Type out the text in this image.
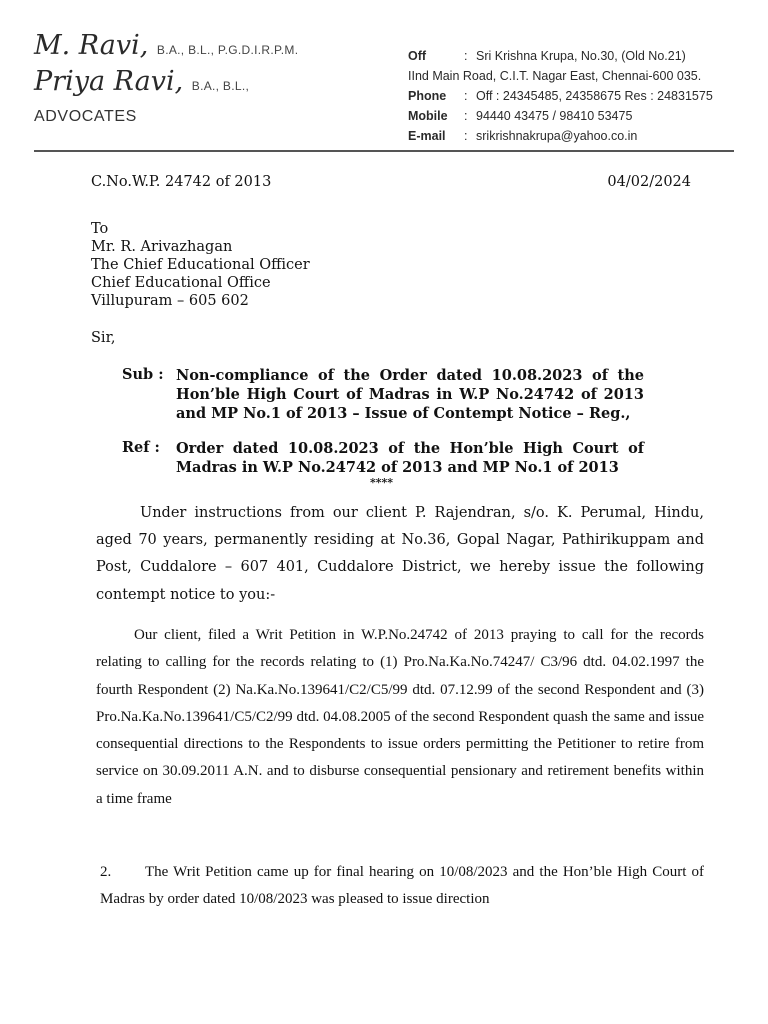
M. Ravi, B.A., B.L., P.G.D.I.R.P.M.
Priya Ravi, B.A., B.L.,
ADVOCATES
Off	: Sri Krishna Krupa, No.30, (Old No.21)
IInd Main Road, C.I.T. Nagar East, Chennai-600 035.
Phone	: Off : 24345485, 24358675 Res : 24831575
Mobile	: 94440 43475 / 98410 53475
E-mail	: srikrishnakrupa@yahoo.co.in
C.No.W.P. 24742 of 2013	04/02/2024
To
Mr. R. Arivazhagan
The Chief Educational Officer
Chief Educational Office
Villupuram – 605 602
Sir,
Sub : Non-compliance of the Order dated 10.08.2023 of the Hon’ble High Court of Madras in W.P No.24742 of 2013 and MP No.1 of 2013 – Issue of Contempt Notice – Reg.,
Ref :	Order dated 10.08.2023 of the Hon’ble High Court of Madras in W.P No.24742 of 2013 and MP No.1 of 2013
****
Under instructions from our client P. Rajendran, s/o. K. Perumal, Hindu, aged 70 years, permanently residing at No.36, Gopal Nagar, Pathirikuppam and Post, Cuddalore – 607 401, Cuddalore District, we hereby issue the following contempt notice to you:-
Our client, filed a Writ Petition in W.P.No.24742 of 2013 praying to call for the records relating to calling for the records relating to (1) Pro.Na.Ka.No.74247/ C3/96 dtd. 04.02.1997 the fourth Respondent (2) Na.Ka.No.139641/C2/C5/99 dtd. 07.12.99 of the second Respondent and (3) Pro.Na.Ka.No.139641/C5/C2/99 dtd. 04.08.2005 of the second Respondent quash the same and issue consequential directions to the Respondents to issue orders permitting the Petitioner to retire from service on 30.09.2011 A.N. and to disburse consequential pensionary and retirement benefits within a time frame
2. The Writ Petition came up for final hearing on 10/08/2023 and the Hon’ble High Court of Madras by order dated 10/08/2023 was pleased to issue direction
